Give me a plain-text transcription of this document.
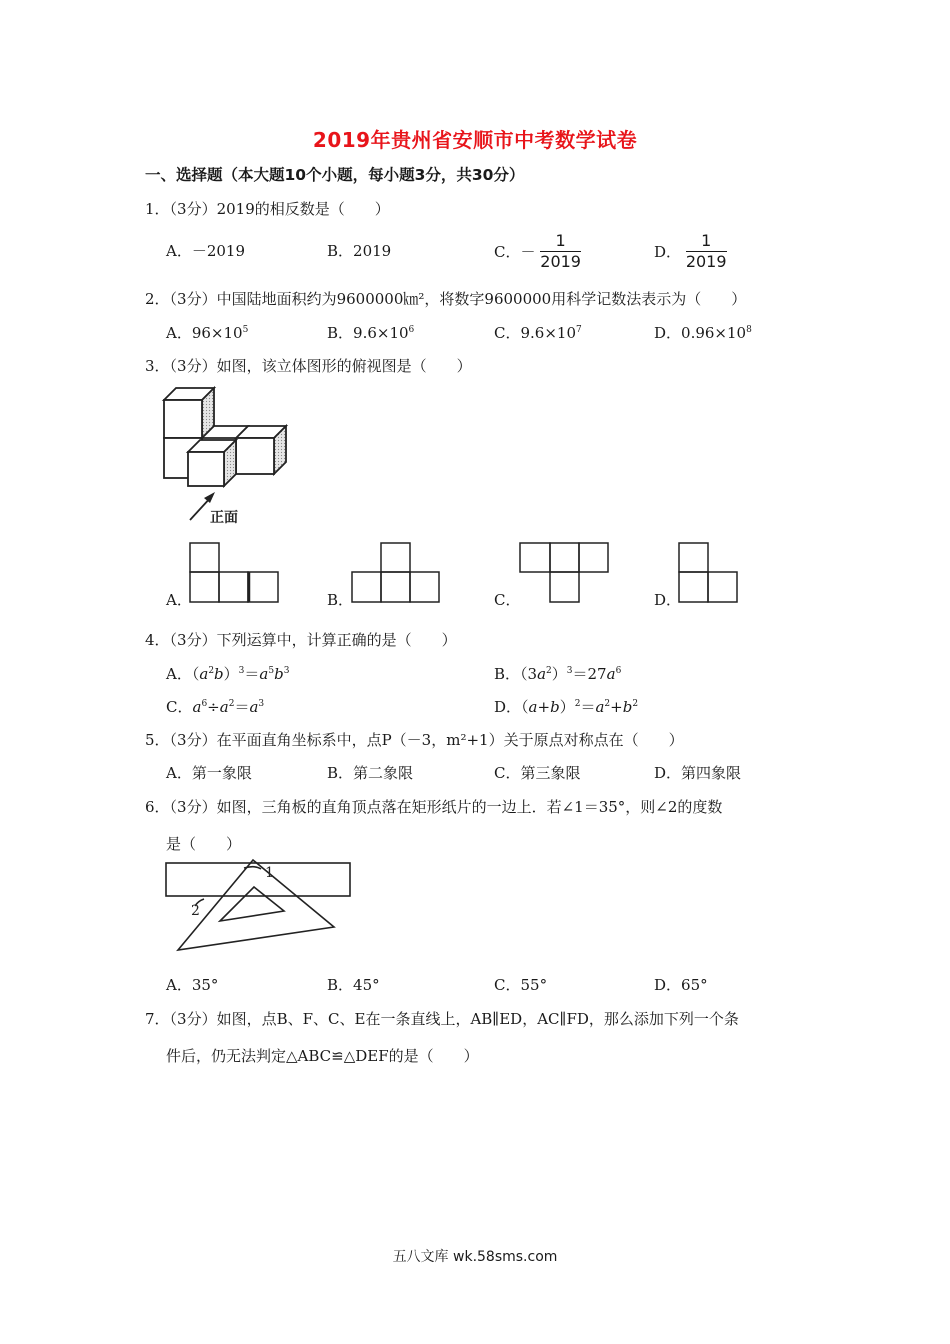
2019年贵州省安顺市中考数学试卷
一、选择题（本大题10个小题，每小题3分，共30分）
1．（3分）2019的相反数是（　　）
A．－2019	B．2019	C．－ $\frac{1}{2019}$	D． $\frac{1}{2019}$
2．（3分）中国陆地面积约为9600000㎞²，将数字9600000用科学记数法表示为（　　）
A．$96\times 10^5$	B．$9.6\times 10^6$	C．$9.6\times 10^7$	D．$0.96\times 10^8$
3．（3分）如图，该立体图形的俯视图是（　　）
正面
A．	B．	C．	D．
4．（3分）下列运算中，计算正确的是（　　）
A．$(a^2b)^3=a^5b^3$	B．$(3a^2)^3=27a^6$
C．$a^6\div a^2=a^3$	D．$(a+b)^2=a^2+b^2$
5．（3分）在平面直角坐标系中，点P（－3，m²+1）关于原点对称点在（　　）
A．第一象限	B．第二象限	C．第三象限	D．第四象限
6．（3分）如图，三角板的直角顶点落在矩形纸片的一边上．若∠1＝35°，则∠2的度数
是（　　）
1
2
A．35°	B．45°	C．55°	D．65°
7．（3分）如图，点B、F、C、E在一条直线上，AB∥ED，AC∥FD，那么添加下列一个条
件后，仍无法判定△ABC≌△DEF的是（　　）
五八文库 wk.58sms.com
